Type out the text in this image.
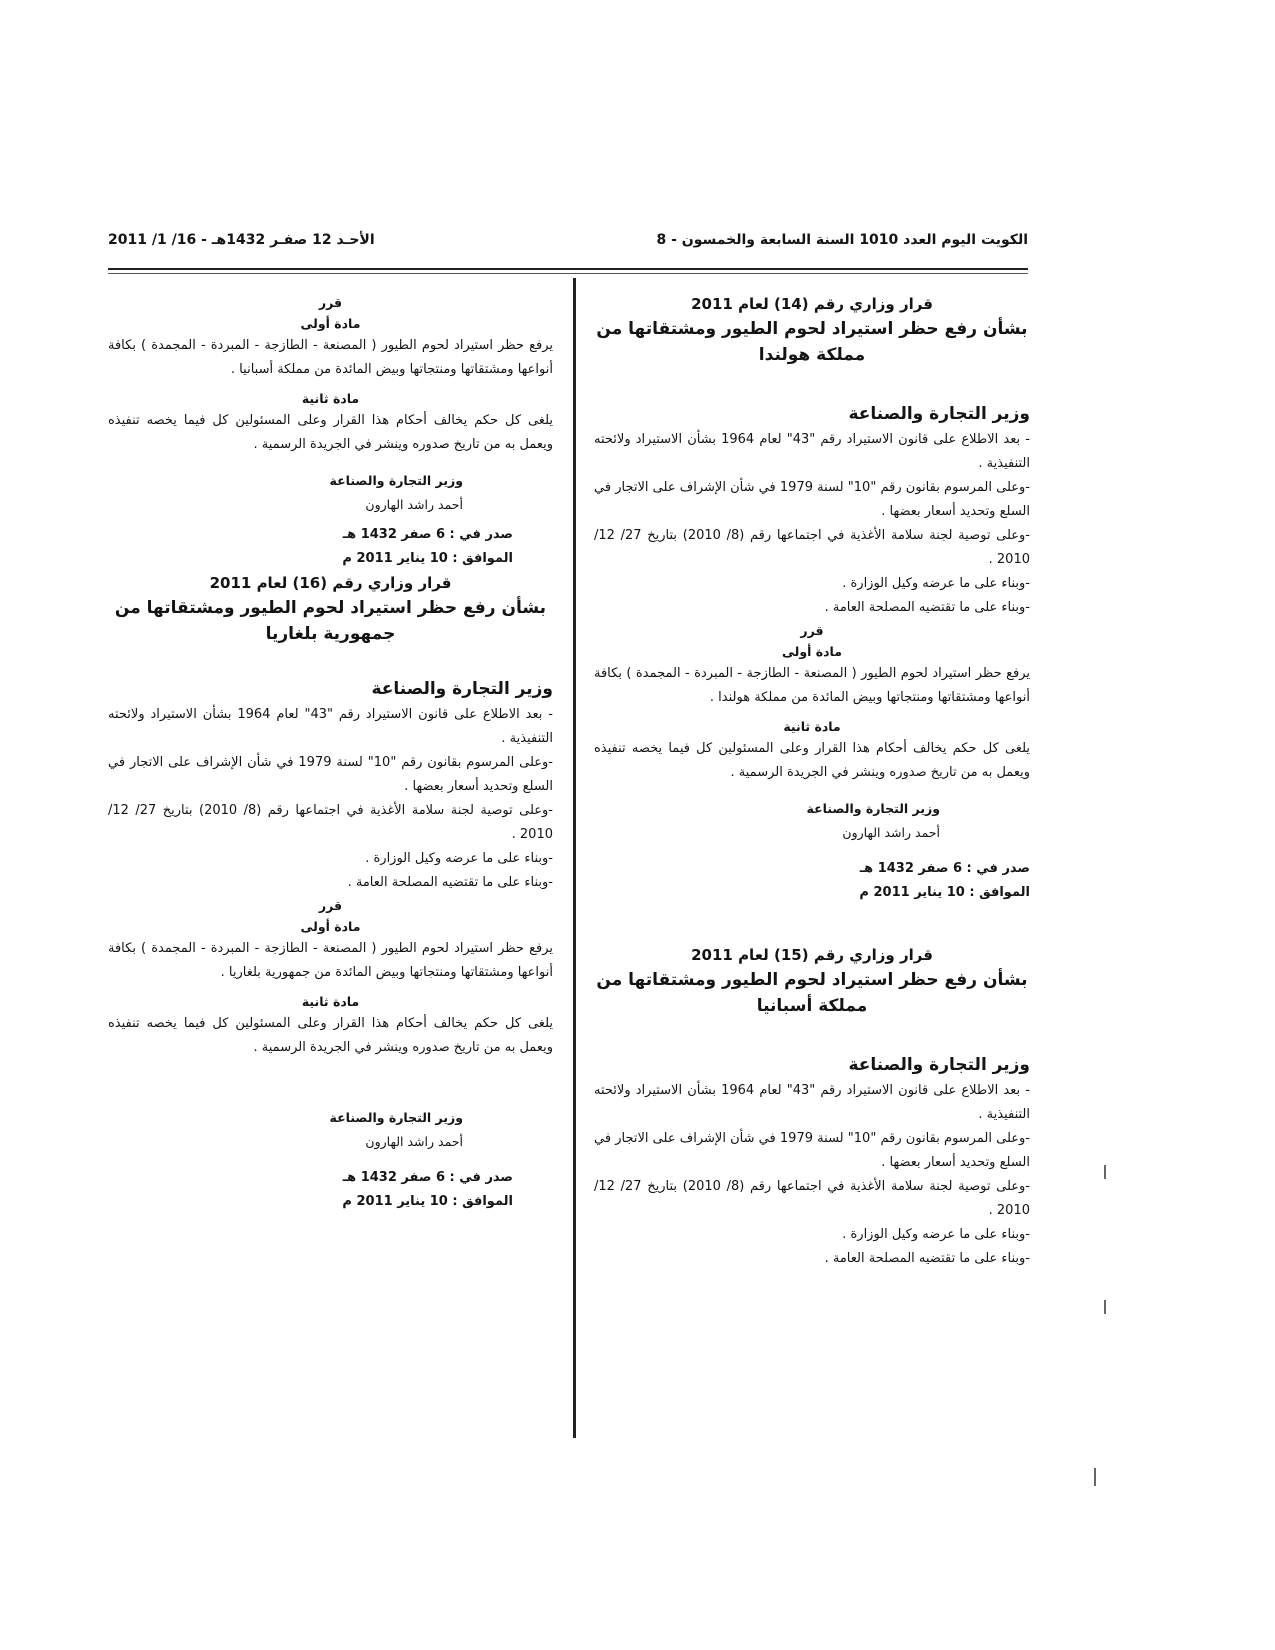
الكويت اليوم العدد 1010 السنة السابعة والخمسون - 8
الأحـد 12 صفـر 1432هـ - 16/ 1/ 2011

قرار وزاري رقم (14) لعام 2011

بشأن رفع حظر استيراد لحوم الطيور ومشتقاتها من مملكة هولندا

وزير التجارة والصناعة

- بعد الاطلاع على قانون الاستيراد رقم "43" لعام 1964 بشأن الاستيراد ولائحته التنفيذية .

-وعلى المرسوم بقانون رقم "10" لسنة 1979 في شأن الإشراف على الاتجار في السلع وتحديد أسعار بعضها .

-وعلى توصية لجنة سلامة الأغذية في اجتماعها رقم (8/ 2010) بتاريخ 27/ 12/ 2010 .

-وبناء على ما عرضه وكيل الوزارة .

-وبناء على ما تقتضيه المصلحة العامة .

قرر

مادة أولى

يرفع حظر استيراد لحوم الطيور ( المصنعة - الطازجة - المبردة - المجمدة ) بكافة أنواعها ومشتقاتها ومنتجاتها وبيض المائدة من مملكة هولندا .

مادة ثانية

يلغى كل حكم يخالف أحكام هذا القرار وعلى المسئولين كل فيما يخصه تنفيذه ويعمل به من تاريخ صدوره وينشر في الجريدة الرسمية .

وزير التجارة والصناعة

أحمد راشد الهارون

صدر في : 6 صفر 1432 هـ

الموافق : 10 يناير 2011 م

قرار وزاري رقم (15) لعام 2011

بشأن رفع حظر استيراد لحوم الطيور ومشتقاتها من مملكة أسبانيا

وزير التجارة والصناعة

- بعد الاطلاع على قانون الاستيراد رقم "43" لعام 1964 بشأن الاستيراد ولائحته التنفيذية .

-وعلى المرسوم بقانون رقم "10" لسنة 1979 في شأن الإشراف على الاتجار في السلع وتحديد أسعار بعضها .

-وعلى توصية لجنة سلامة الأغذية في اجتماعها رقم (8/ 2010) بتاريخ 27/ 12/ 2010 .

-وبناء على ما عرضه وكيل الوزارة .

-وبناء على ما تقتضيه المصلحة العامة .

قرر

مادة أولى

يرفع حظر استيراد لحوم الطيور ( المصنعة - الطازجة - المبردة - المجمدة ) بكافة أنواعها ومشتقاتها ومنتجاتها وبيض المائدة من مملكة أسبانيا .

مادة ثانية

يلغى كل حكم يخالف أحكام هذا القرار وعلى المسئولين كل فيما يخصه تنفيذه ويعمل به من تاريخ صدوره وينشر في الجريدة الرسمية .

وزير التجارة والصناعة

أحمد راشد الهارون

صدر في : 6 صفر 1432 هـ

الموافق : 10 يناير 2011 م

قرار وزاري رقم (16) لعام 2011

بشأن رفع حظر استيراد لحوم الطيور ومشتقاتها من جمهورية بلغاريا

وزير التجارة والصناعة

- بعد الاطلاع على قانون الاستيراد رقم "43" لعام 1964 بشأن الاستيراد ولائحته التنفيذية .

-وعلى المرسوم بقانون رقم "10" لسنة 1979 في شأن الإشراف على الاتجار في السلع وتحديد أسعار بعضها .

-وعلى توصية لجنة سلامة الأغذية في اجتماعها رقم (8/ 2010) بتاريخ 27/ 12/ 2010 .

-وبناء على ما عرضه وكيل الوزارة .

-وبناء على ما تقتضيه المصلحة العامة .

قرر

مادة أولى

يرفع حظر استيراد لحوم الطيور ( المصنعة - الطازجة - المبردة - المجمدة ) بكافة أنواعها ومشتقاتها ومنتجاتها وبيض المائدة من جمهورية بلغاريا .

مادة ثانية

يلغى كل حكم يخالف أحكام هذا القرار وعلى المسئولين كل فيما يخصه تنفيذه ويعمل به من تاريخ صدوره وينشر في الجريدة الرسمية .

وزير التجارة والصناعة

أحمد راشد الهارون

صدر في : 6 صفر 1432 هـ

الموافق : 10 يناير 2011 م
